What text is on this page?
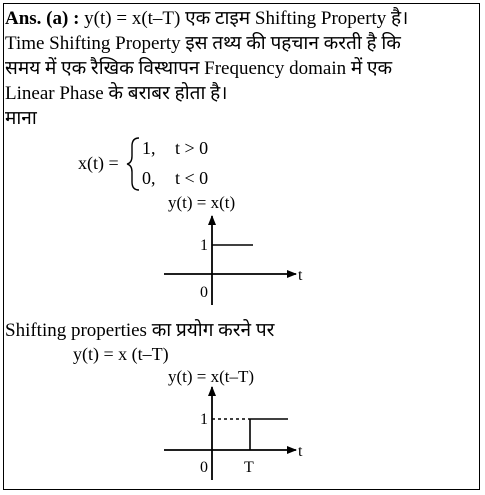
Ans. (a) : y(t) = x(t–T) एक टाइम Shifting Property है।
Time Shifting Property इस तथ्य की पहचान करती है कि
समय में एक रैखिक विस्थापन Frequency domain में एक
Linear Phase के बराबर होता है।
माना
x(t) =
1, t > 0
0, t < 0
y(t) = x(t)
1
0
t
Shifting properties का प्रयोग करने पर
y(t) = x (t–T)
y(t) = x(t–T)
1
0 T
t
